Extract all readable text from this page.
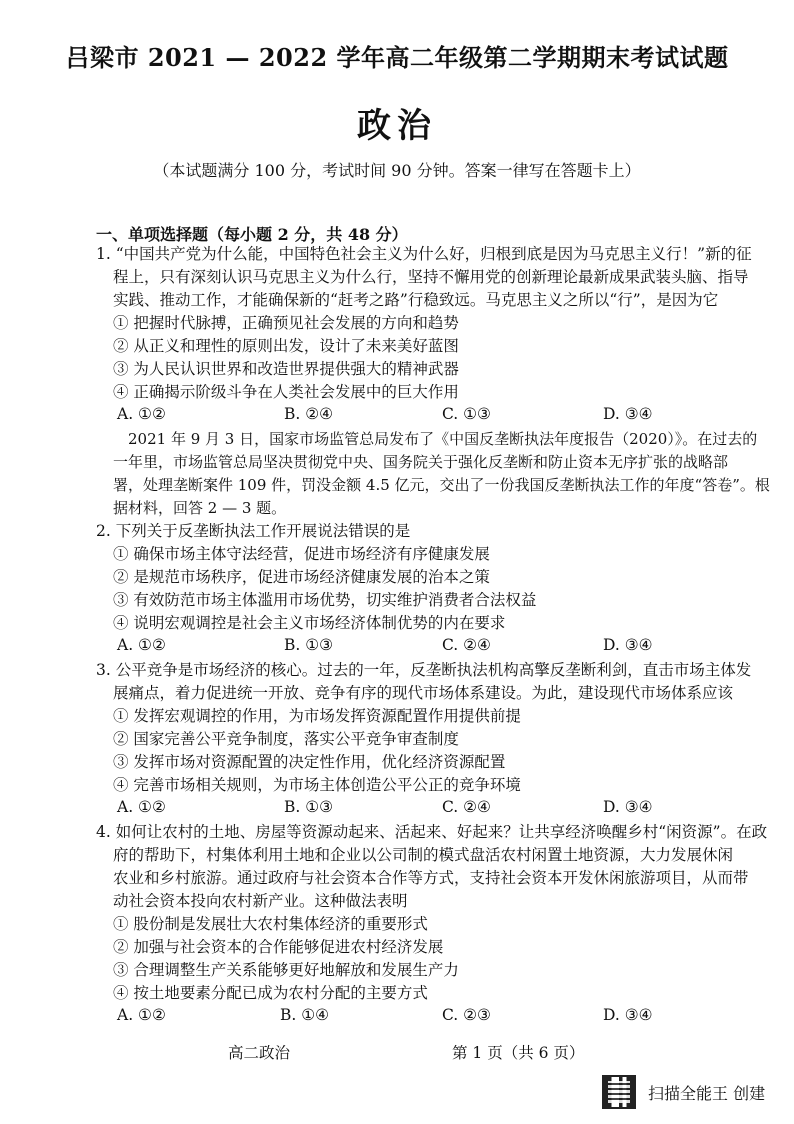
吕梁市 2021 — 2022 学年高二年级第二学期期末考试试题
政治
（本试题满分 100 分，考试时间 90 分钟。答案一律写在答题卡上）
一、单项选择题（每小题 2 分，共 48 分）
1. “中国共产党为什么能，中国特色社会主义为什么好，归根到底是因为马克思主义行！”新的征
程上，只有深刻认识马克思主义为什么行，坚持不懈用党的创新理论最新成果武装头脑、指导
实践、推动工作，才能确保新的“赶考之路”行稳致远。马克思主义之所以“行”，是因为它
① 把握时代脉搏，正确预见社会发展的方向和趋势
② 从正义和理性的原则出发，设计了未来美好蓝图
③ 为人民认识世界和改造世界提供强大的精神武器
④ 正确揭示阶级斗争在人类社会发展中的巨大作用
A. ①②	B. ②④	C. ①③	D. ③④
2021 年 9 月 3 日，国家市场监管总局发布了《中国反垄断执法年度报告（2020）》。在过去的
一年里，市场监管总局坚决贯彻党中央、国务院关于强化反垄断和防止资本无序扩张的战略部
署，处理垄断案件 109 件，罚没金额 4.5 亿元，交出了一份我国反垄断执法工作的年度“答卷”。根
据材料，回答 2 — 3 题。
2. 下列关于反垄断执法工作开展说法错误的是
① 确保市场主体守法经营，促进市场经济有序健康发展
② 是规范市场秩序，促进市场经济健康发展的治本之策
③ 有效防范市场主体滥用市场优势，切实维护消费者合法权益
④ 说明宏观调控是社会主义市场经济体制优势的内在要求
A. ①②	B. ①③	C. ②④	D. ③④
3. 公平竞争是市场经济的核心。过去的一年，反垄断执法机构高擎反垄断利剑，直击市场主体发
展痛点，着力促进统一开放、竞争有序的现代市场体系建设。为此，建设现代市场体系应该
① 发挥宏观调控的作用，为市场发挥资源配置作用提供前提
② 国家完善公平竞争制度，落实公平竞争审查制度
③ 发挥市场对资源配置的决定性作用，优化经济资源配置
④ 完善市场相关规则，为市场主体创造公平公正的竞争环境
A. ①②	B. ①③	C. ②④	D. ③④
4. 如何让农村的土地、房屋等资源动起来、活起来、好起来？让共享经济唤醒乡村“闲资源”。在政
府的帮助下，村集体利用土地和企业以公司制的模式盘活农村闲置土地资源，大力发展休闲
农业和乡村旅游。通过政府与社会资本合作等方式，支持社会资本开发休闲旅游项目，从而带
动社会资本投向农村新产业。这种做法表明
① 股份制是发展壮大农村集体经济的重要形式
② 加强与社会资本的合作能够促进农村经济发展
③ 合理调整生产关系能够更好地解放和发展生产力
④ 按土地要素分配已成为农村分配的主要方式
A. ①②	B. ①④	C. ②③	D. ③④
高二政治	第 1 页（共 6 页）
扫描全能王 创建
